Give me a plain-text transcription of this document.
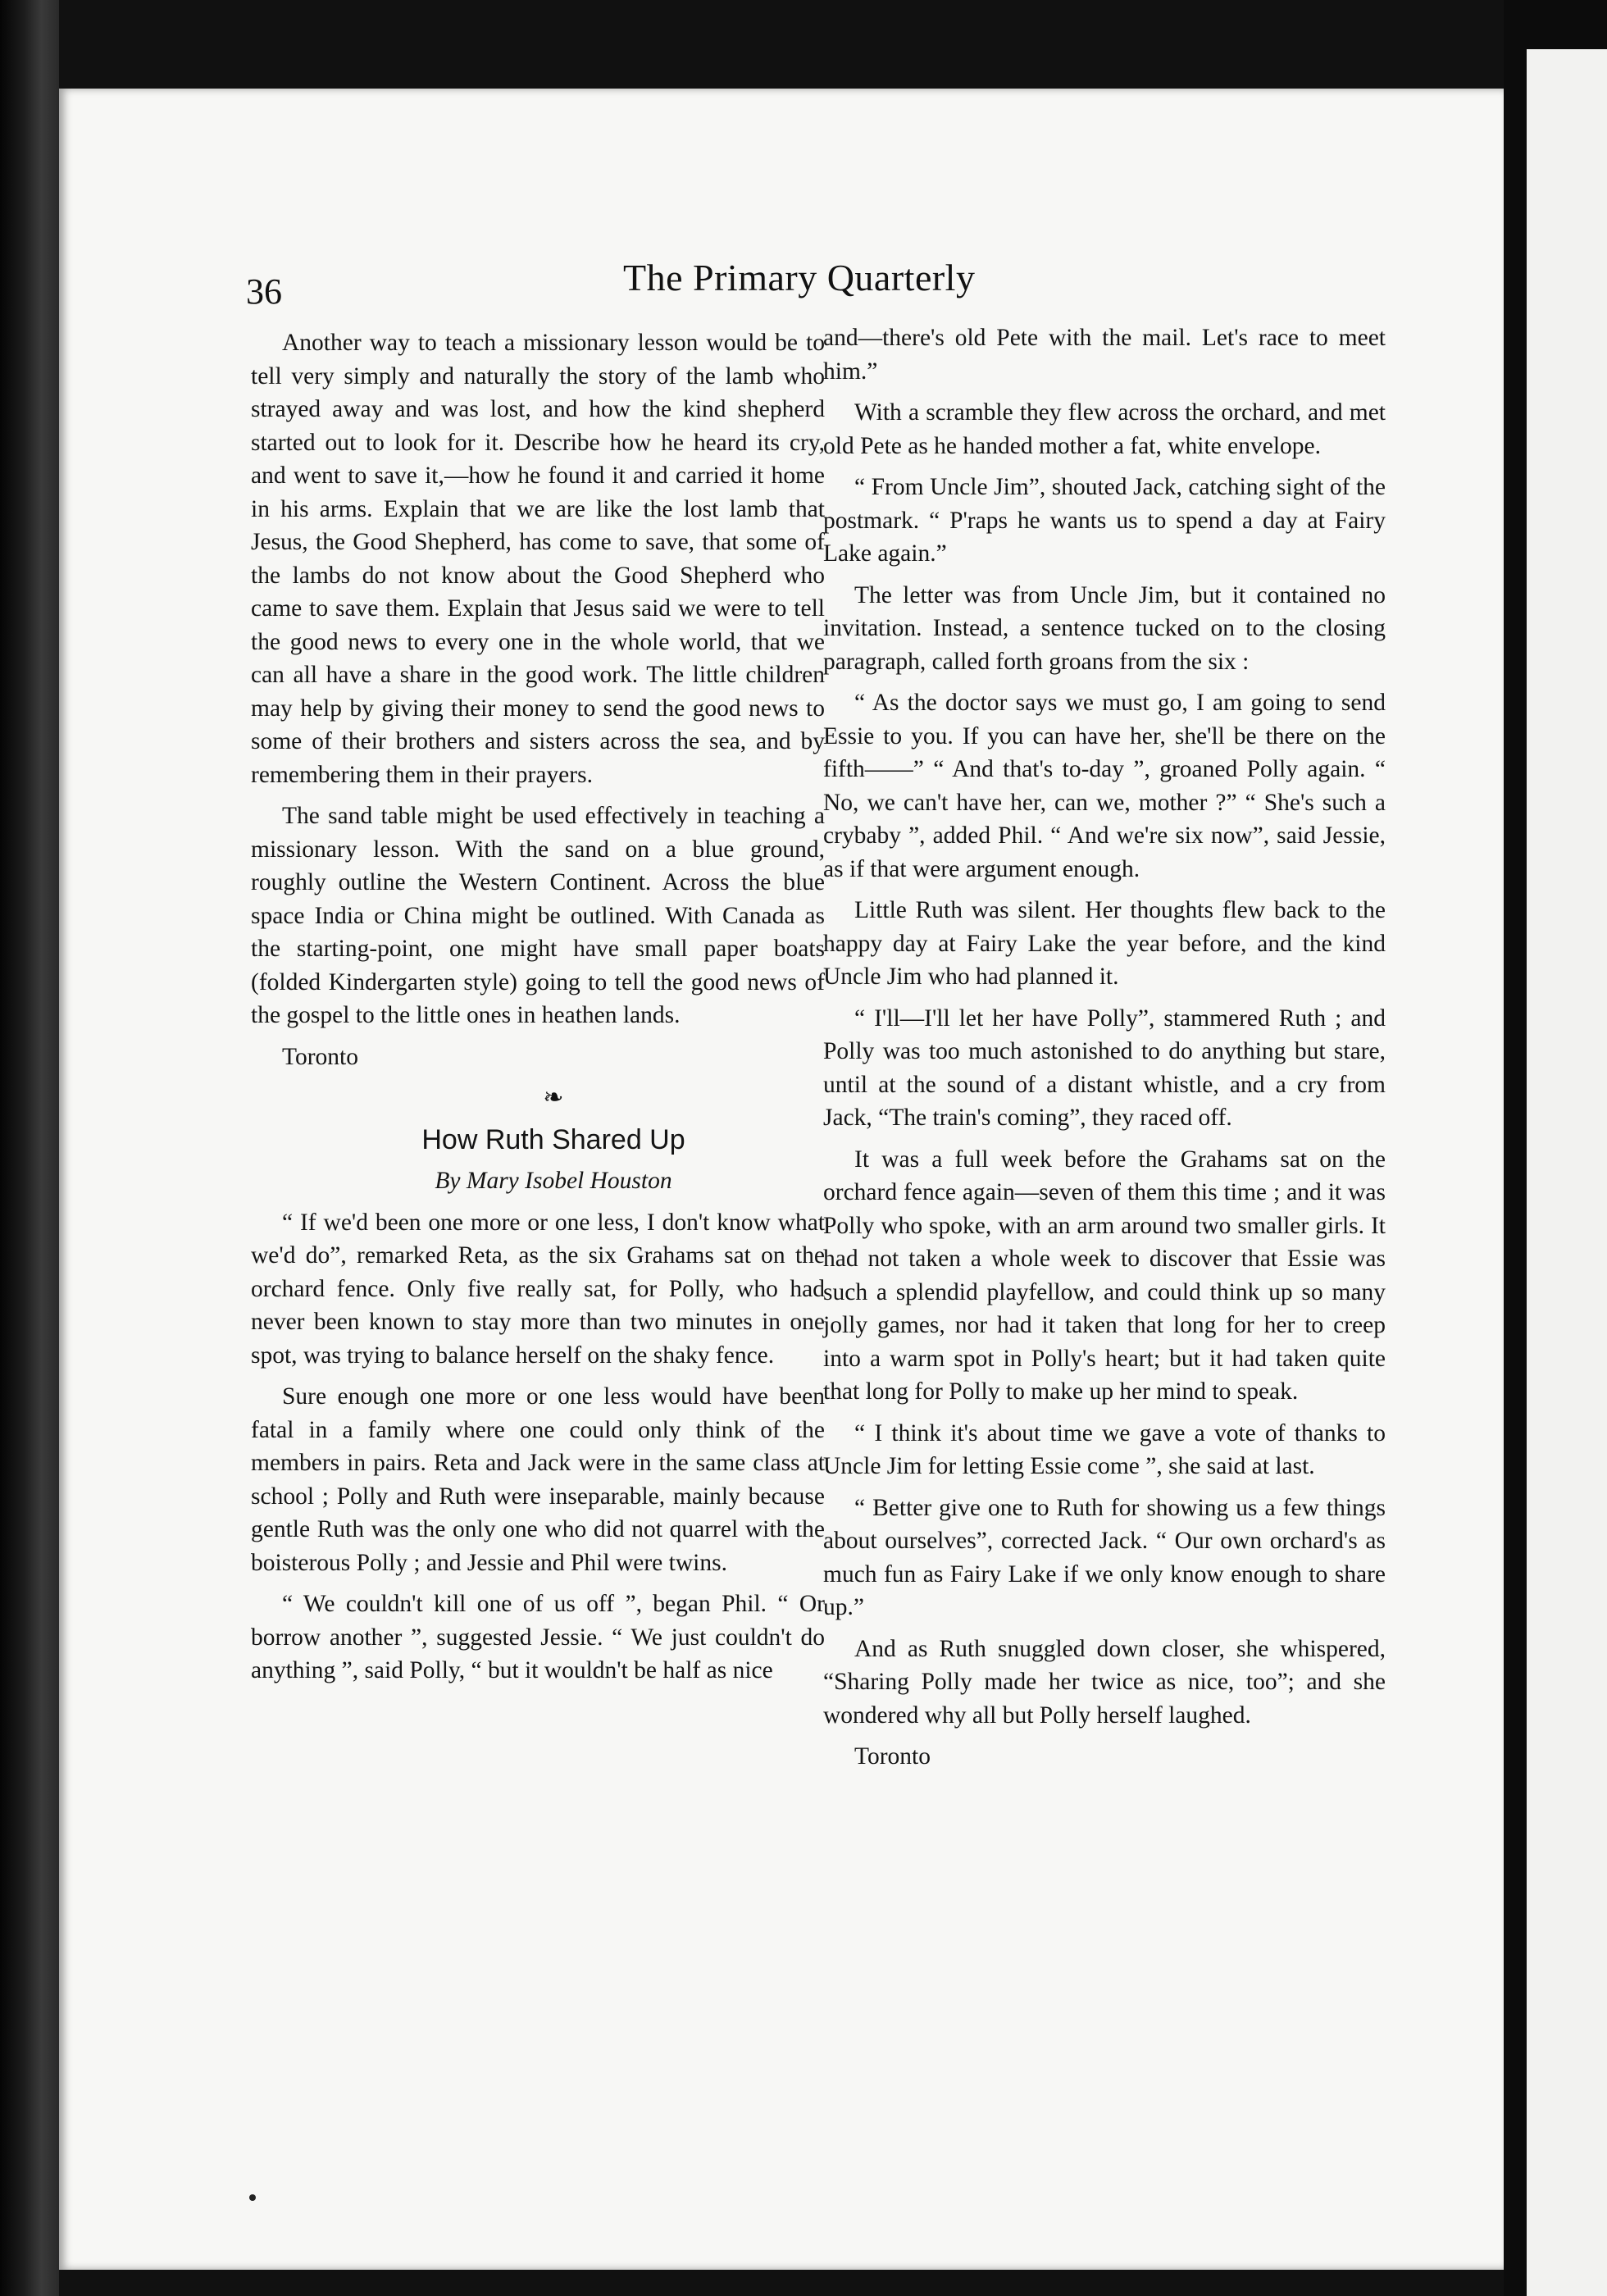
36	The Primary Quarterly

Another way to teach a missionary lesson would be to tell very simply and naturally the story of the lamb who strayed away and was lost, and how the kind shepherd started out to look for it. Describe how he heard its cry, and went to save it,—how he found it and carried it home in his arms. Explain that we are like the lost lamb that Jesus, the Good Shepherd, has come to save, that some of the lambs do not know about the Good Shepherd who came to save them. Explain that Jesus said we were to tell the good news to every one in the whole world, that we can all have a share in the good work. The little children may help by giving their money to send the good news to some of their brothers and sisters across the sea, and by remembering them in their prayers.

The sand table might be used effectively in teaching a missionary lesson. With the sand on a blue ground, roughly outline the Western Continent. Across the blue space India or China might be outlined. With Canada as the starting-point, one might have small paper boats (folded Kindergarten style) going to tell the good news of the gospel to the little ones in heathen lands.

Toronto

❧

How Ruth Shared Up

By Mary Isobel Houston

“ If we'd been one more or one less, I don't know what we'd do”, remarked Reta, as the six Grahams sat on the orchard fence. Only five really sat, for Polly, who had never been known to stay more than two minutes in one spot, was trying to balance herself on the shaky fence.

Sure enough one more or one less would have been fatal in a family where one could only think of the members in pairs. Reta and Jack were in the same class at school ; Polly and Ruth were inseparable, mainly because gentle Ruth was the only one who did not quarrel with the boisterous Polly ; and Jessie and Phil were twins.

“ We couldn't kill one of us off ”, began Phil. “ Or borrow another ”, suggested Jessie. “ We just couldn't do anything ”, said Polly, “ but it wouldn't be half as nice

and—there's old Pete with the mail. Let's race to meet him.”

With a scramble they flew across the orchard, and met old Pete as he handed mother a fat, white envelope.

“ From Uncle Jim”, shouted Jack, catching sight of the postmark. “ P'raps he wants us to spend a day at Fairy Lake again.”

The letter was from Uncle Jim, but it contained no invitation. Instead, a sentence tucked on to the closing paragraph, called forth groans from the six :

“ As the doctor says we must go, I am going to send Essie to you. If you can have her, she'll be there on the fifth——” “ And that's to-day ”, groaned Polly again. “ No, we can't have her, can we, mother ?” “ She's such a crybaby ”, added Phil. “ And we're six now”, said Jessie, as if that were argument enough.

Little Ruth was silent. Her thoughts flew back to the happy day at Fairy Lake the year before, and the kind Uncle Jim who had planned it.

“ I'll—I'll let her have Polly”, stammered Ruth ; and Polly was too much astonished to do anything but stare, until at the sound of a distant whistle, and a cry from Jack, “The train's coming”, they raced off.

It was a full week before the Grahams sat on the orchard fence again—seven of them this time ; and it was Polly who spoke, with an arm around two smaller girls. It had not taken a whole week to discover that Essie was such a splendid playfellow, and could think up so many jolly games, nor had it taken that long for her to creep into a warm spot in Polly's heart; but it had taken quite that long for Polly to make up her mind to speak.

“ I think it's about time we gave a vote of thanks to Uncle Jim for letting Essie come ”, she said at last.

“ Better give one to Ruth for showing us a few things about ourselves”, corrected Jack. “ Our own orchard's as much fun as Fairy Lake if we only know enough to share up.”

And as Ruth snuggled down closer, she whispered, “Sharing Polly made her twice as nice, too”; and she wondered why all but Polly herself laughed.

Toronto
